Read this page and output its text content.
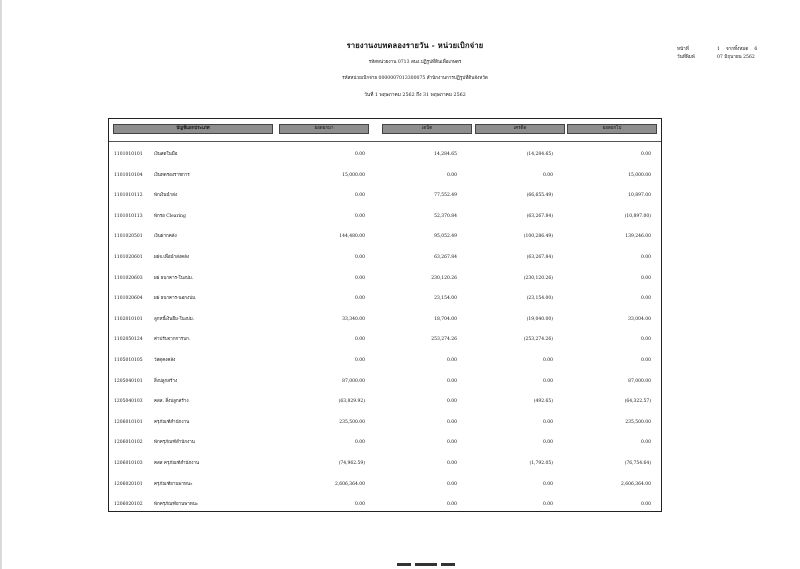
รายงานงบทดลองรายวัน - หน่วยเบิกจ่าย
รหัสหน่วยงาน 0713 สนง.ปฏิรูปที่ดินเพื่อเกษตร
รหัสหน่วยเบิกจ่าย 0000007013300075 สำนักงานการปฏิรูปที่ดินจังหวัด
วันที่ 1 พฤษภาคม 2562 ถึง 31 พฤษภาคม 2562
หน้าที่	1 จากทั้งหมด 6
วันที่พิมพ์	07 มิถุนายน 2562
บัญชีแยกประเภท	ยอดยกมา	เดบิต	เครดิต	ยอดยกไป
1101010101	เงินสดในมือ	0.00	14,284.65	(14,284.65)	0.00
1101010104	เงินทดรองราชการ	15,000.00	0.00	0.00	15,000.00
1101010112	พักเงินนำส่ง	0.00	77,552.49	(66,655.49)	10,897.00
1101010113	พักรอ Clearing	0.00	52,370.84	(63,267.84)	(10,897.00)
1101020501	เงินฝากคลัง	144,480.00	95,052.49	(100,286.49)	139,246.00
1101020601	ผฝจ.เพื่อนำส่งคลัง	0.00	63,267.84	(63,267.84)	0.00
1101020603	ผฝ ธนาคาร-ในงปม.	0.00	230,120.26	(230,120.26)	0.00
1101020604	ผฝ ธนาคาร-นอกงปม.	0.00	23,154.00	(23,154.00)	0.00
1102010101	ลูกหนี้เงินยืม-ในงปม.	33,340.00	18,704.00	(19,040.00)	33,004.00
1102050124	ค่าปรับจากการบก.	0.00	253,274.26	(253,274.26)	0.00
1105010105	วัสดุคงคลัง	0.00	0.00	0.00	0.00
1205040101	สิ่งปลูกสร้าง	87,000.00	0.00	0.00	87,000.00
1205040103	คสส. สิ่งปลูกสร้าง	(63,829.92)	0.00	(492.65)	(64,322.57)
1206010101	ครุภัณฑ์สำนักงาน	235,500.00	0.00	0.00	235,500.00
1206010102	พักครุภัณฑ์สำนักงาน	0.00	0.00	0.00	0.00
1206010103	คสส ครุภัณฑ์สำนักงาน	(74,962.59)	0.00	(1,792.05)	(76,754.64)
1206020101	ครุภัณฑ์ยานพาหนะ	2,606,364.00	0.00	0.00	2,606,364.00
1206020102	พักครุภัณฑ์ยานพาหนะ	0.00	0.00	0.00	0.00
